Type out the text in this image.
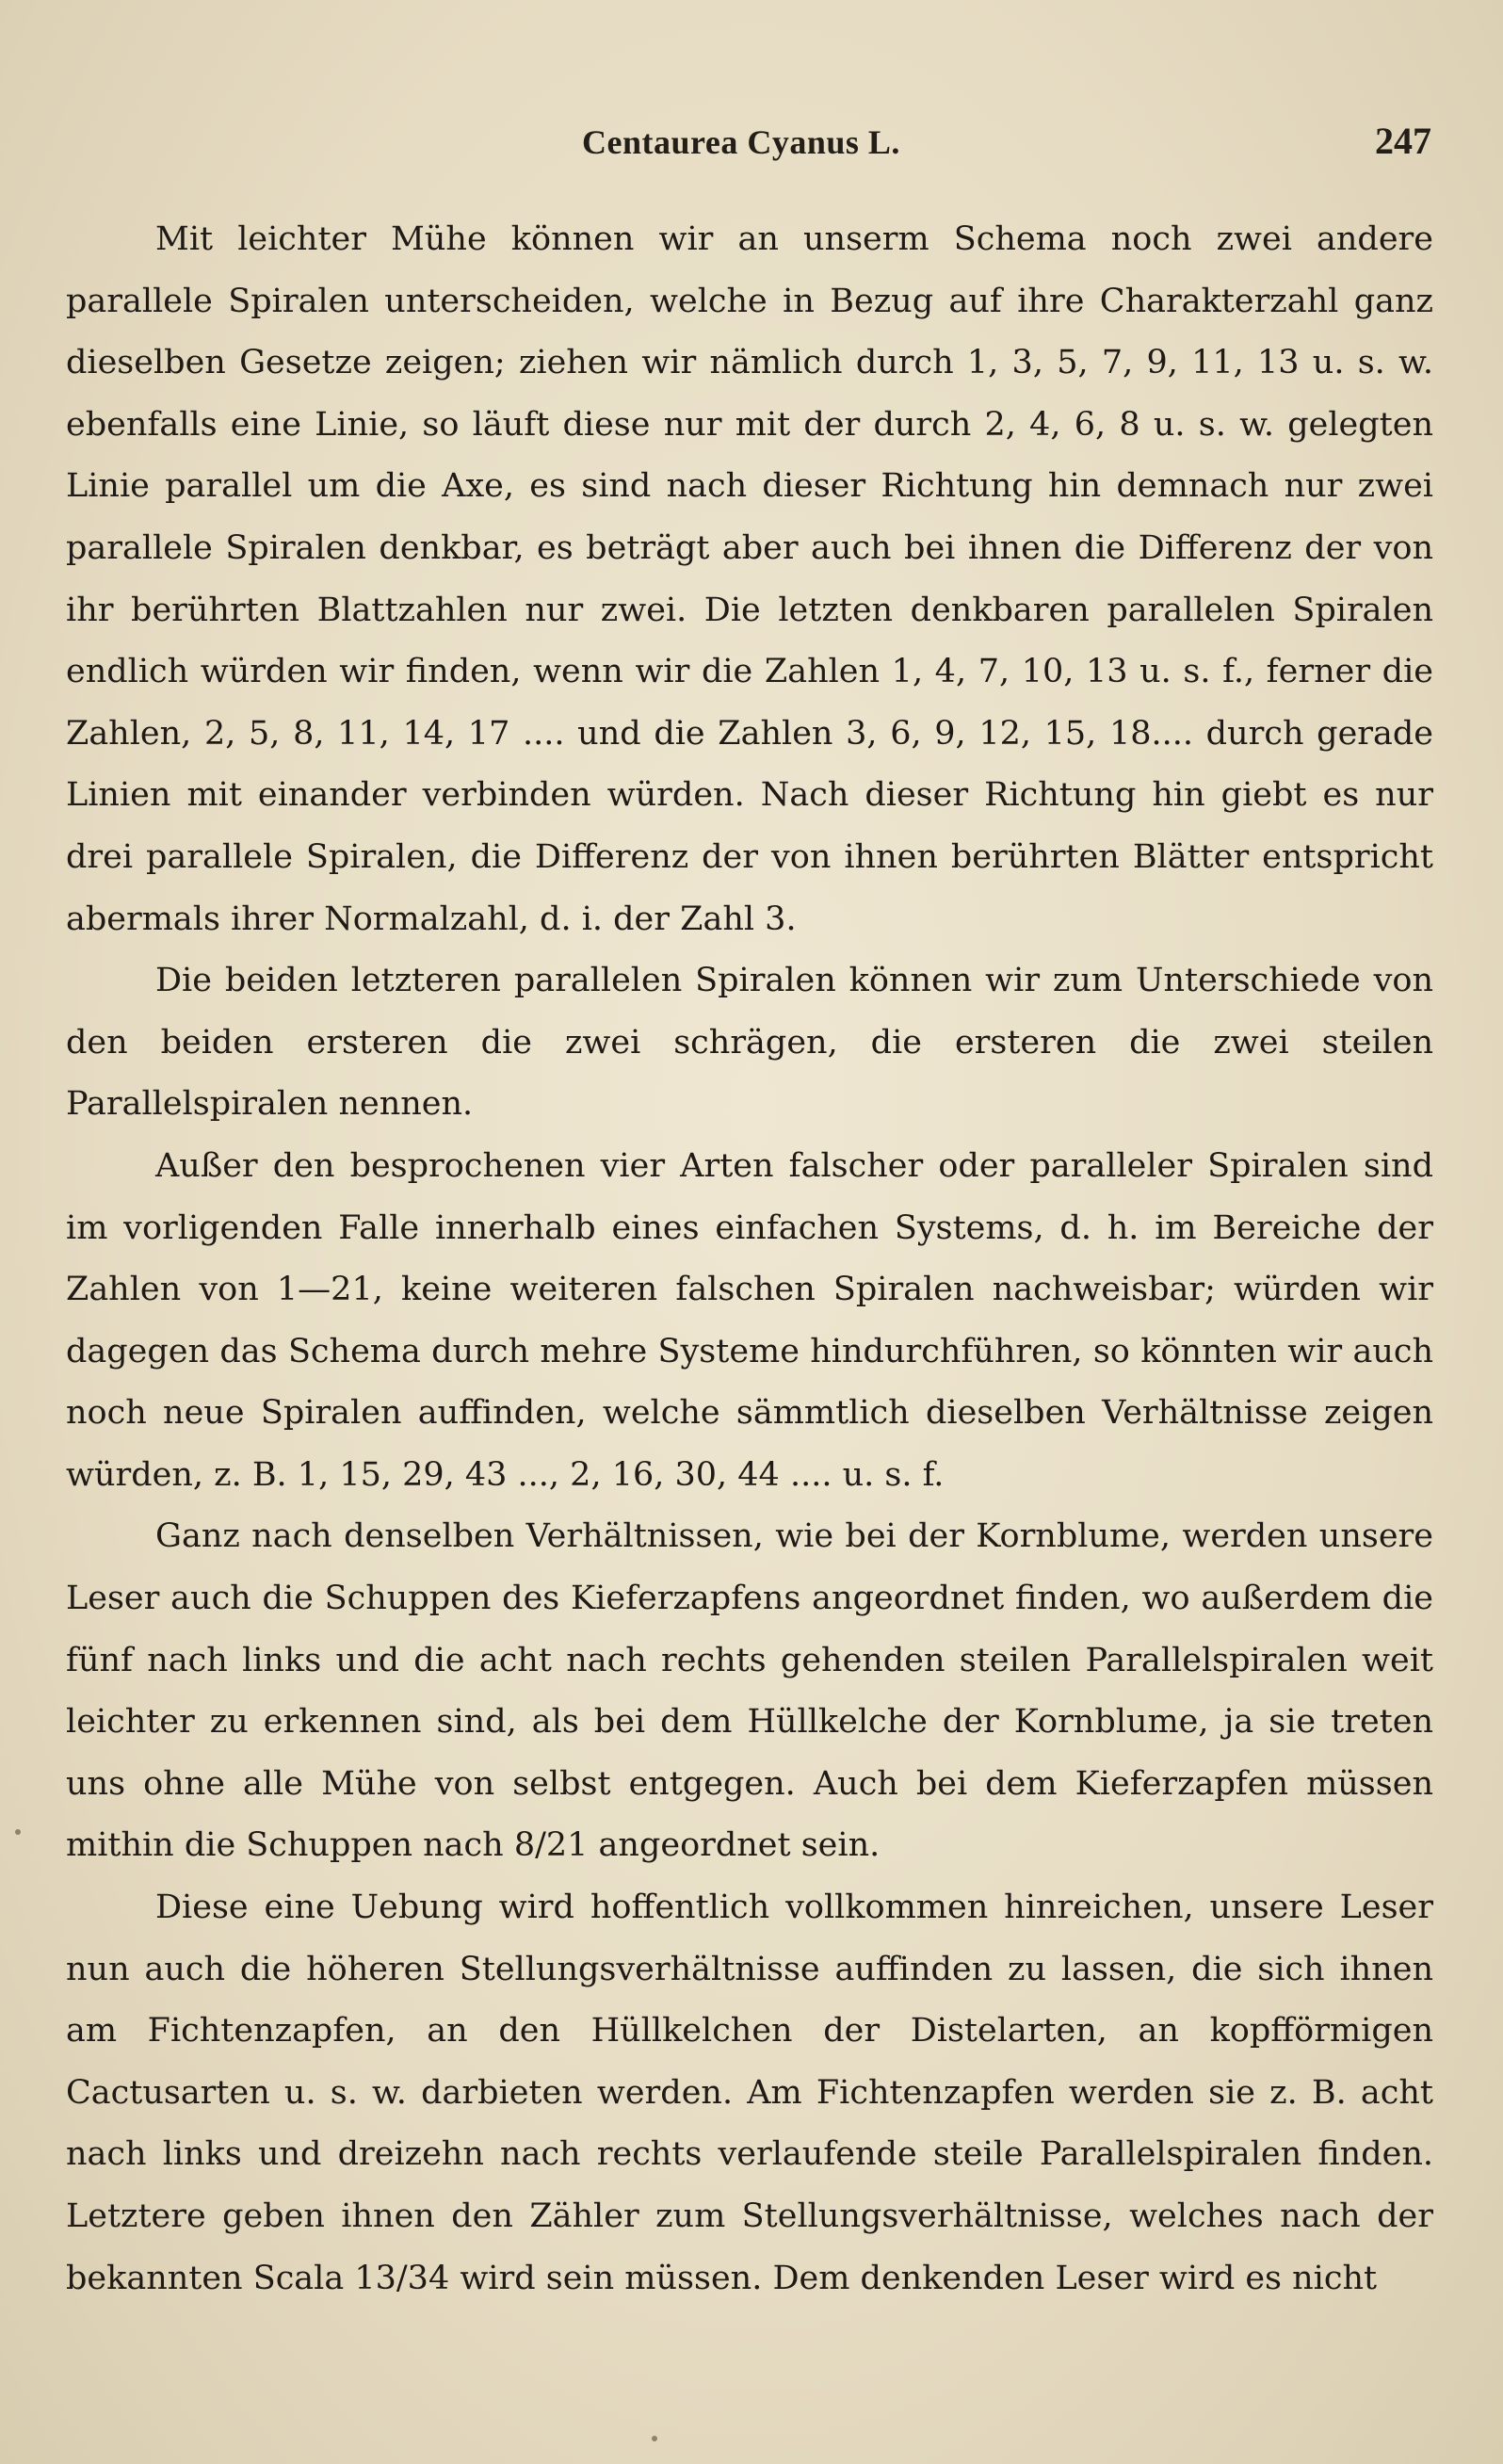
Centaurea Cyanus L.	247

Mit leichter Mühe können wir an unserm Schema noch zwei andere parallele Spiralen unterscheiden, welche in Bezug auf ihre Charakterzahl ganz dieselben Gesetze zeigen; ziehen wir nämlich durch 1, 3, 5, 7, 9, 11, 13 u. s. w. ebenfalls eine Linie, so läuft diese nur mit der durch 2, 4, 6, 8 u. s. w. gelegten Linie parallel um die Axe, es sind nach dieser Richtung hin demnach nur zwei parallele Spiralen denkbar, es beträgt aber auch bei ihnen die Differenz der von ihr berührten Blattzahlen nur zwei. Die letzten denkbaren parallelen Spiralen endlich würden wir finden, wenn wir die Zahlen 1, 4, 7, 10, 13 u. s. f., ferner die Zahlen, 2, 5, 8, 11, 14, 17 .... und die Zahlen 3, 6, 9, 12, 15, 18.... durch gerade Linien mit einander verbinden würden. Nach dieser Richtung hin giebt es nur drei parallele Spiralen, die Differenz der von ihnen berührten Blätter entspricht abermals ihrer Normalzahl, d. i. der Zahl 3.

Die beiden letzteren parallelen Spiralen können wir zum Unterschiede von den beiden ersteren die zwei schrägen, die ersteren die zwei steilen Parallelspiralen nennen.

Außer den besprochenen vier Arten falscher oder paralleler Spiralen sind im vorligenden Falle innerhalb eines einfachen Systems, d. h. im Bereiche der Zahlen von 1—21, keine weiteren falschen Spiralen nachweisbar; würden wir dagegen das Schema durch mehre Systeme hindurchführen, so könnten wir auch noch neue Spiralen auffinden, welche sämmtlich dieselben Verhältnisse zeigen würden, z. B. 1, 15, 29, 43 ..., 2, 16, 30, 44 .... u. s. f.

Ganz nach denselben Verhältnissen, wie bei der Kornblume, werden unsere Leser auch die Schuppen des Kieferzapfens angeordnet finden, wo außerdem die fünf nach links und die acht nach rechts gehenden steilen Parallelspiralen weit leichter zu erkennen sind, als bei dem Hüllkelche der Kornblume, ja sie treten uns ohne alle Mühe von selbst entgegen. Auch bei dem Kieferzapfen müssen mithin die Schuppen nach 8/21 angeordnet sein.

Diese eine Uebung wird hoffentlich vollkommen hinreichen, unsere Leser nun auch die höheren Stellungsverhältnisse auffinden zu lassen, die sich ihnen am Fichtenzapfen, an den Hüllkelchen der Distelarten, an kopfförmigen Cactusarten u. s. w. darbieten werden. Am Fichtenzapfen werden sie z. B. acht nach links und dreizehn nach rechts verlaufende steile Parallelspiralen finden. Letztere geben ihnen den Zähler zum Stellungsverhältnisse, welches nach der bekannten Scala 13/34 wird sein müssen. Dem denkenden Leser wird es nicht
